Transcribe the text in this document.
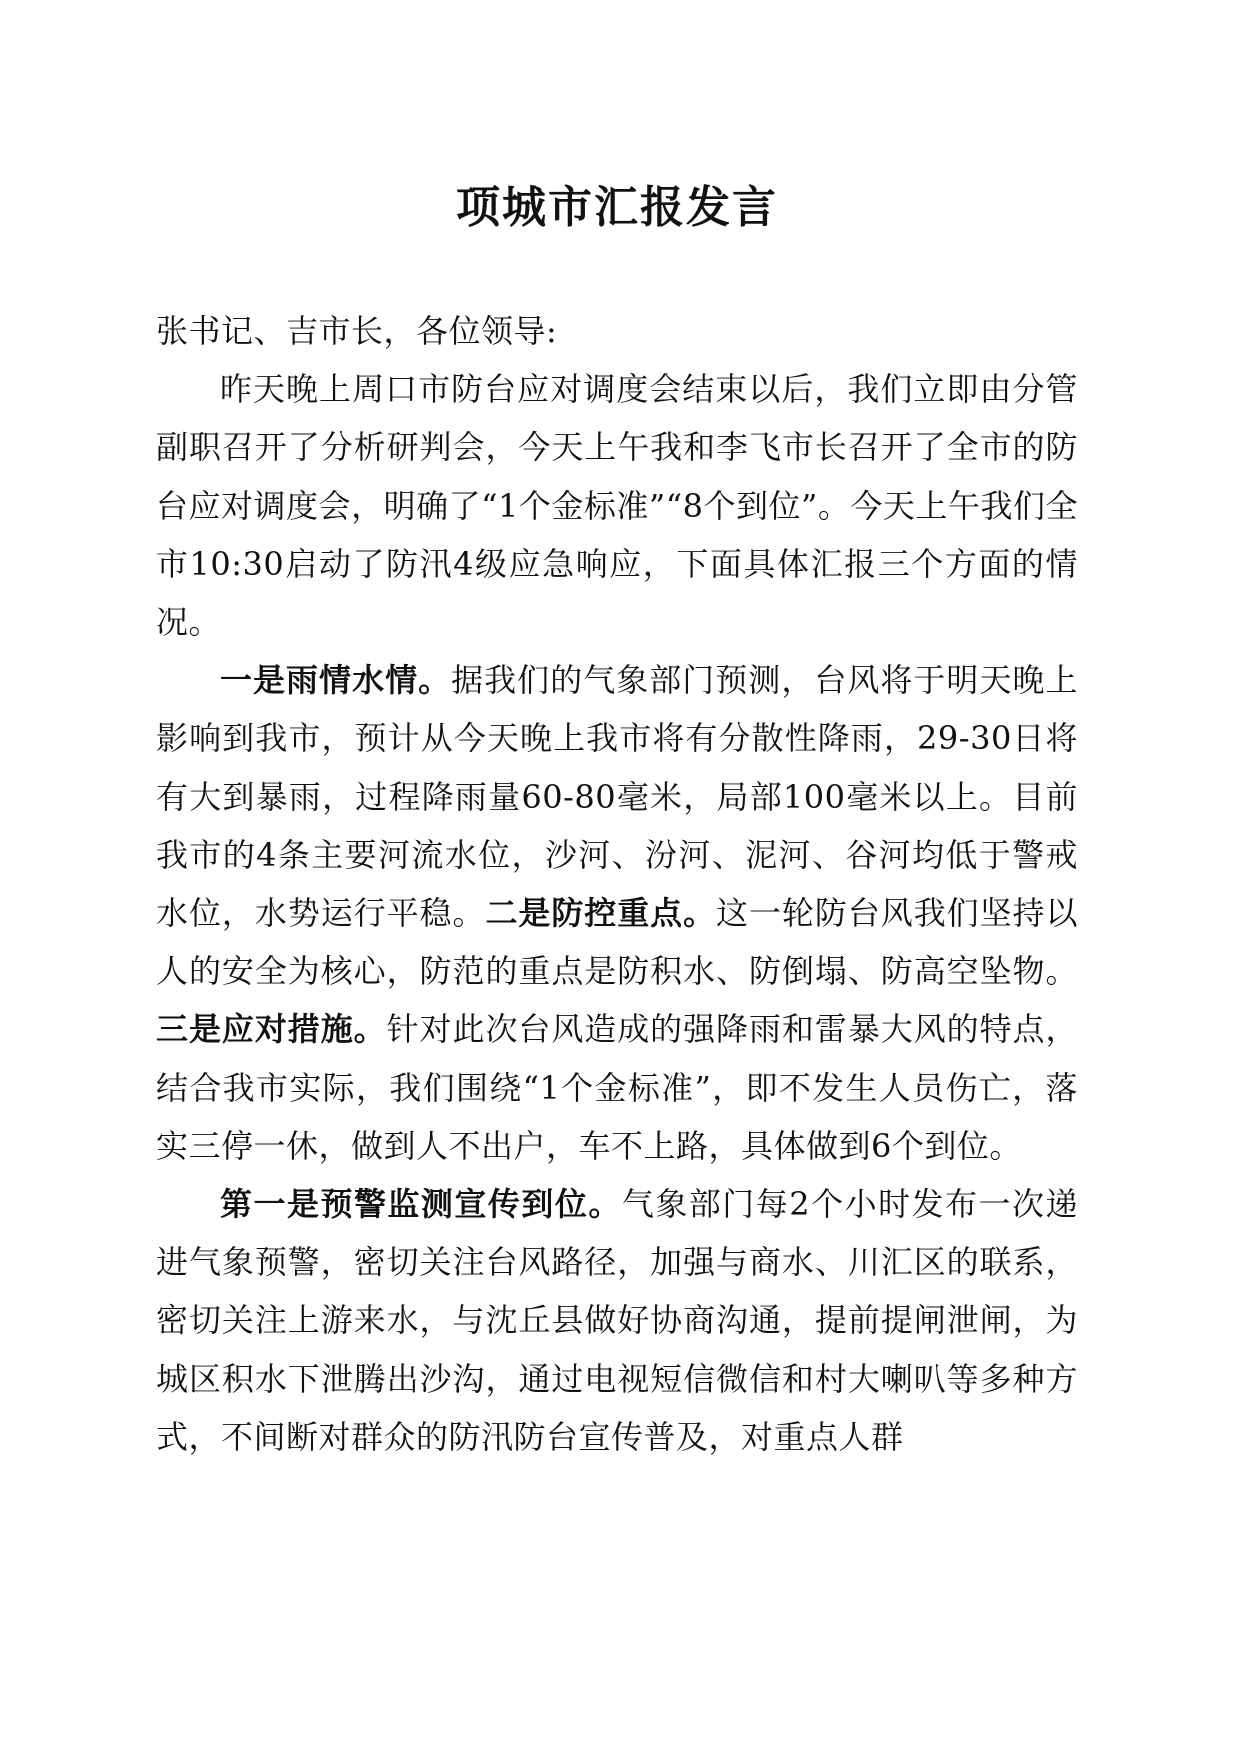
项城市汇报发言

张书记、吉市长，各位领导:

昨天晚上周口市防台应对调度会结束以后，我们立即由分管副职召开了分析研判会，今天上午我和李飞市长召开了全市的防台应对调度会，明确了“1个金标准”“8个到位”。今天上午我们全市10:30启动了防汛4级应急响应，下面具体汇报三个方面的情况。

一是雨情水情。据我们的气象部门预测，台风将于明天晚上影响到我市，预计从今天晚上我市将有分散性降雨，29-30日将有大到暴雨，过程降雨量60-80毫米，局部100毫米以上。目前我市的4条主要河流水位，沙河、汾河、泥河、谷河均低于警戒水位，水势运行平稳。二是防控重点。这一轮防台风我们坚持以人的安全为核心，防范的重点是防积水、防倒塌、防高空坠物。三是应对措施。针对此次台风造成的强降雨和雷暴大风的特点，结合我市实际，我们围绕“1个金标准”，即不发生人员伤亡，落实三停一休，做到人不出户，车不上路，具体做到6个到位。

第一是预警监测宣传到位。气象部门每2个小时发布一次递进气象预警，密切关注台风路径，加强与商水、川汇区的联系，密切关注上游来水，与沈丘县做好协商沟通，提前提闸泄闸，为城区积水下泄腾出沙沟，通过电视短信微信和村大喇叭等多种方式，不间断对群众的防汛防台宣传普及，对重点人群
